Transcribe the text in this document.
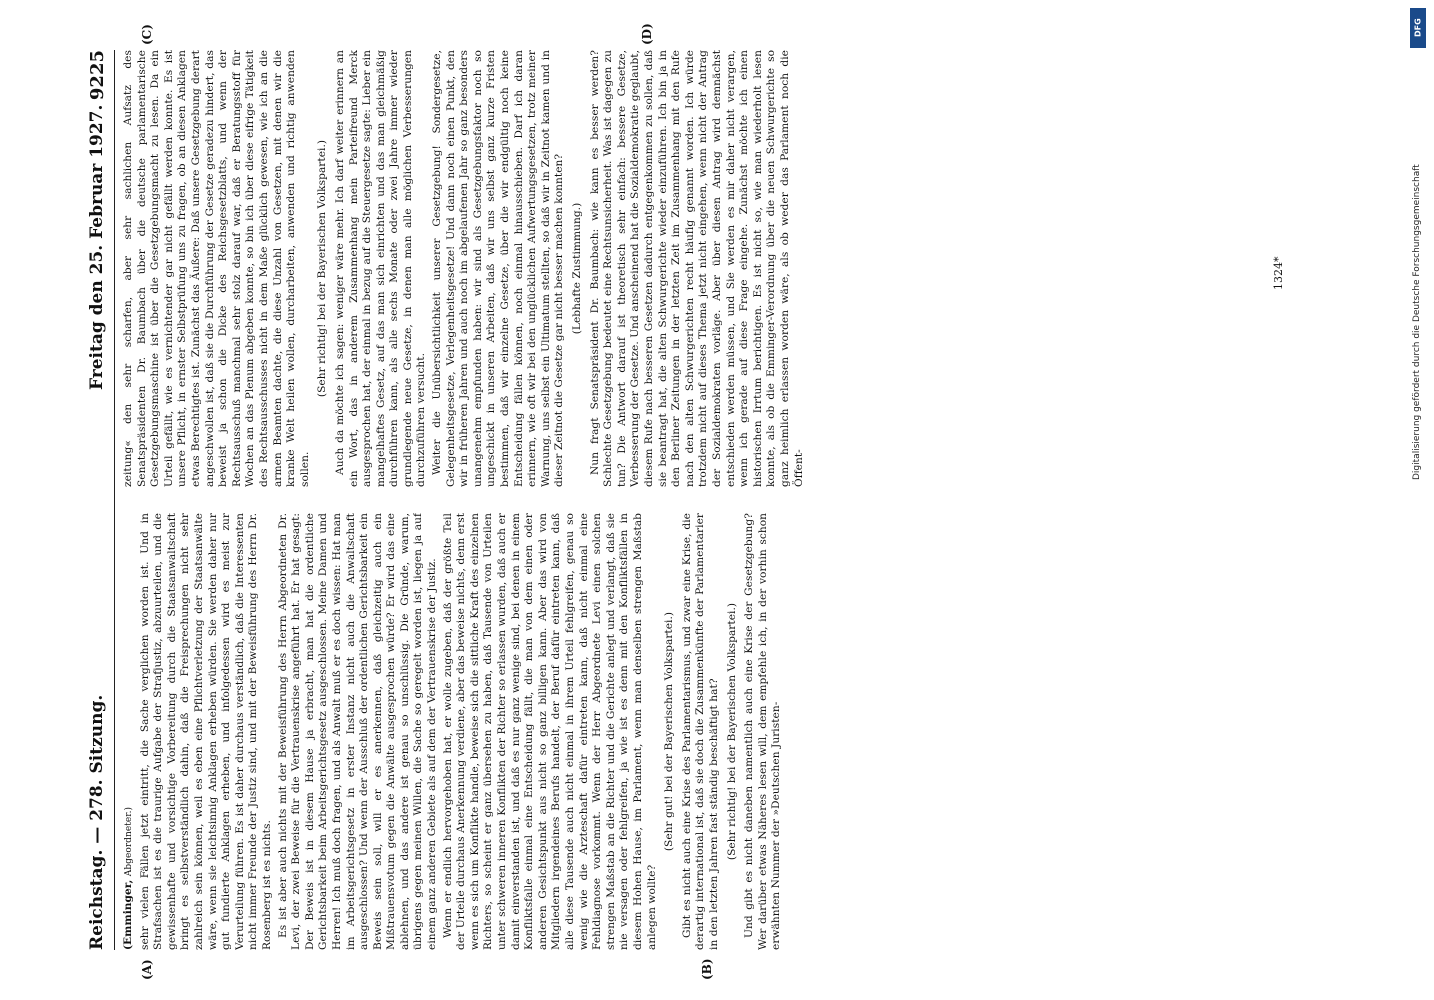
Reichstag. — 278. Sitzung.
Freitag den 25. Februar 1927.
9225

(Emminger, Abgeordneter.) sehr vielen Fällen jetzt eintritt, die Sache verglichen worden ist. Und in Strafsachen ist es die traurige Aufgabe der Strafjustiz, abzuurteilen, und die gewissenhafte und vorsichtige Vorbereitung durch die Staatsanwaltschaft bringt es selbstverständlich dahin, daß die Freisprechungen nicht sehr zahlreich sein können, weil es eben eine Pflichtverletzung der Staatsanwälte wäre, wenn sie leichtsinnig Anklagen erheben würden. Sie werden daher nur gut fundierte Anklagen erheben, und infolgedessen wird es meist zur Verurteilung führen. Es ist daher durchaus verständlich, daß die Interessenten nicht immer Freunde der Justiz sind, und mit der Beweisführung des Herrn Dr. Rosenberg ist es nichts. Es ist aber auch nichts mit der Beweisführung des Herrn Abgeordneten Dr. Levi, der zwei Beweise für die Vertrauenskrise angeführt hat. Er hat gesagt: Der Beweis ist in diesem Hause ja erbracht, man hat die ordentliche Gerichtsbarkeit beim Arbeitsgerichtsgesetz ausgeschlossen. Meine Damen und Herren! Ich muß doch fragen, und als Anwalt muß er es doch wissen: Hat man im Arbeitsgerichtsgesetz in erster Instanz nicht auch die Anwaltschaft ausgeschlossen? Und wenn der Ausschluß der ordentlichen Gerichtsbarkeit ein Beweis sein soll, will er es anerkennen, daß gleichzeitig auch ein Mißtrauensvotum gegen die Anwälte ausgesprochen würde? Er wird das eine ablehnen, und das andere ist genau so unschlüssig. Die Gründe, warum, übrigens gegen meinen Willen, die Sache so geregelt worden ist, liegen ja auf einem ganz anderen Gebiete als auf dem der Vertrauenskrise der Justiz. Wenn er endlich hervorgehoben hat, er wolle zugeben, daß der größte Teil der Urteile durchaus Anerkennung verdiene, aber das beweise nichts, denn erst wenn es sich um Konflikte handle, beweise sich die sittliche Kraft des einzelnen Richters, so scheint er ganz übersehen zu haben, daß Tausende von Urteilen unter schweren inneren Konflikten der Richter so erlassen wurden, daß auch er damit einverstanden ist, und daß es nur ganz wenige sind, bei denen in einem Konfliktsfalle einmal eine Entscheidung fällt, die man von dem einen oder anderen Gesichtspunkt aus nicht so ganz billigen kann. Aber das wird von Mitgliedern irgendeines Berufs handelt, der Beruf dafür eintreten kann, daß alle diese Tausende auch nicht einmal in ihrem Urteil fehlgreifen, genau so wenig wie die Arzteschaft dafür eintreten kann, daß nicht einmal eine Fehldiagnose vorkommt. Wenn der Herr Abgeordnete Levi einen solchen strengen Maßstab an die Richter und die Gerichte anlegt und verlangt, daß sie nie versagen oder fehlgreifen, ja wie ist es denn mit den Konfliktsfällen in diesem Hohen Hause, im Parlament, wenn man denselben strengen Maßstab anlegen wollte?

(Sehr gut! bei der Bayerischen Volkspartei.) Gibt es nicht auch eine Krise des Parlamentarismus, und zwar eine Krise, die derartig international ist, daß sie doch die Zusammenkünfte der Parlamentarier in den letzten Jahren fast ständig beschäftigt hat? (Sehr richtig! bei der Bayerischen Volkspartei.) Und gibt es nicht daneben namentlich auch eine Krise der Gesetzgebung? Wer darüber etwas Näheres lesen will, dem empfehle ich, in der vorhin schon erwähnten Nummer der »Deutschen Juristen-

zeitung« den sehr scharfen, aber sehr sachlichen Aufsatz des Senatspräsidenten Dr. Baumbach über die deutsche parlamentarische Gesetzgebungsmaschine ist über die Gesetzgebungsmacht zu lesen. Da ein Urteil gefällt, wie es vernichtender gar nicht gefällt werden konnte. Es ist unsere Pflicht, in ernster Selbstprüfung uns zu fragen, ob an diesen Anklagen etwas Berechtigtes ist. Zunächst das Äußere: Daß unsere Gesetzgebung derart angeschwollen ist, daß sie die Durchführung der Gesetze geradezu hindert, das beweist ja schon die Dicke des Reichsgesetzblatts, und wenn der Rechtsausschuß manchmal sehr stolz darauf war, daß er Beratungsstoff für Wochen an das Plenum abgeben konnte, so bin ich über diese eifrige Tätigkeit des Rechtsausschusses nicht in dem Maße glücklich gewesen, wie ich an die armen Beamten dachte, die diese Unzahl von Gesetzen, mit denen wir die kranke Welt heilen wollen, durcharbeiten, anwenden und richtig anwenden sollen.

(Sehr richtig! bei der Bayerischen Volkspartei.) Auch da möchte ich sagen: weniger wäre mehr. Ich darf weiter erinnern an ein Wort, das in anderem Zusammenhang mein Parteifreund Merck ausgesprochen hat, der einmal in bezug auf die Steuergesetze sagte: Lieber ein mangelhaftes Gesetz, auf das man sich einrichten und das man gleichmäßig durchführen kann, als alle sechs Monate oder zwei Jahre immer wieder grundlegende neue Gesetze, in denen man alle möglichen Verbesserungen durchzuführen versucht. Weiter die Unübersichtlichkeit unserer Gesetzgebung! Sondergesetze, Gelegenheitsgesetze, Verlegenheitsgesetze! Und dann noch einen Punkt, den wir in früheren Jahren und auch noch im abgelaufenen Jahr so ganz besonders unangenehm empfunden haben: wir sind als Gesetzgebungsfaktor noch so ungeschickt in unseren Arbeiten, daß wir uns selbst ganz kurze Fristen bestimmen, daß wir einzelne Gesetze, über die wir endgültig noch keine Entscheidung fällen können, noch einmal hinausschieben. Darf ich daran erinnern, wie oft wir bei den unglücklichen Aufwertungsgesetzen, trotz meiner Warnung, uns selbst ein Ultimatum stellten, so daß wir in Zeitnot kamen und in dieser Zeitnot die Gesetze gar nicht besser machen konnten? (Lebhafte Zustimmung.) Nun fragt Senatspräsident Dr. Baumbach: wie kann es besser werden? Schlechte Gesetzgebung bedeutet eine Rechtsunsicherheit. Was ist dagegen zu tun? Die Antwort darauf ist theoretisch sehr einfach: bessere Gesetze, Verbesserung der Gesetze. Und anscheinend hat die Sozialdemokratie geglaubt, diesem Rufe nach besseren Gesetzen dadurch entgegenkommen zu sollen, daß sie beantragt hat, die alten Schwurgerichte wieder einzuführen. Ich bin ja in den Berliner Zeitungen in der letzten Zeit im Zusammenhang mit den Rufe nach den alten Schwurgerichten recht häufig genannt worden. Ich würde trotzdem nicht auf dieses Thema jetzt nicht eingehen, wenn nicht der Antrag der Sozialdemokraten vorläge. Aber über diesen Antrag wird demnächst entschieden werden müssen, und Sie werden es mir daher nicht verargen, wenn ich gerade auf diese Frage eingehe. Zunächst möchte ich einen historischen Irrtum berichtigen. Es ist nicht so, wie man wiederholt lesen konnte, als ob die Emminger-Verordnung über die neuen Schwurgerichte so ganz heimlich erlassen worden wäre, als ob weder das Parlament noch die Öffent-

(A)	(B)
(C)	(D)
1324*
DFG
Digitalisierung gefördert durch die Deutsche Forschungsgemeinschaft
